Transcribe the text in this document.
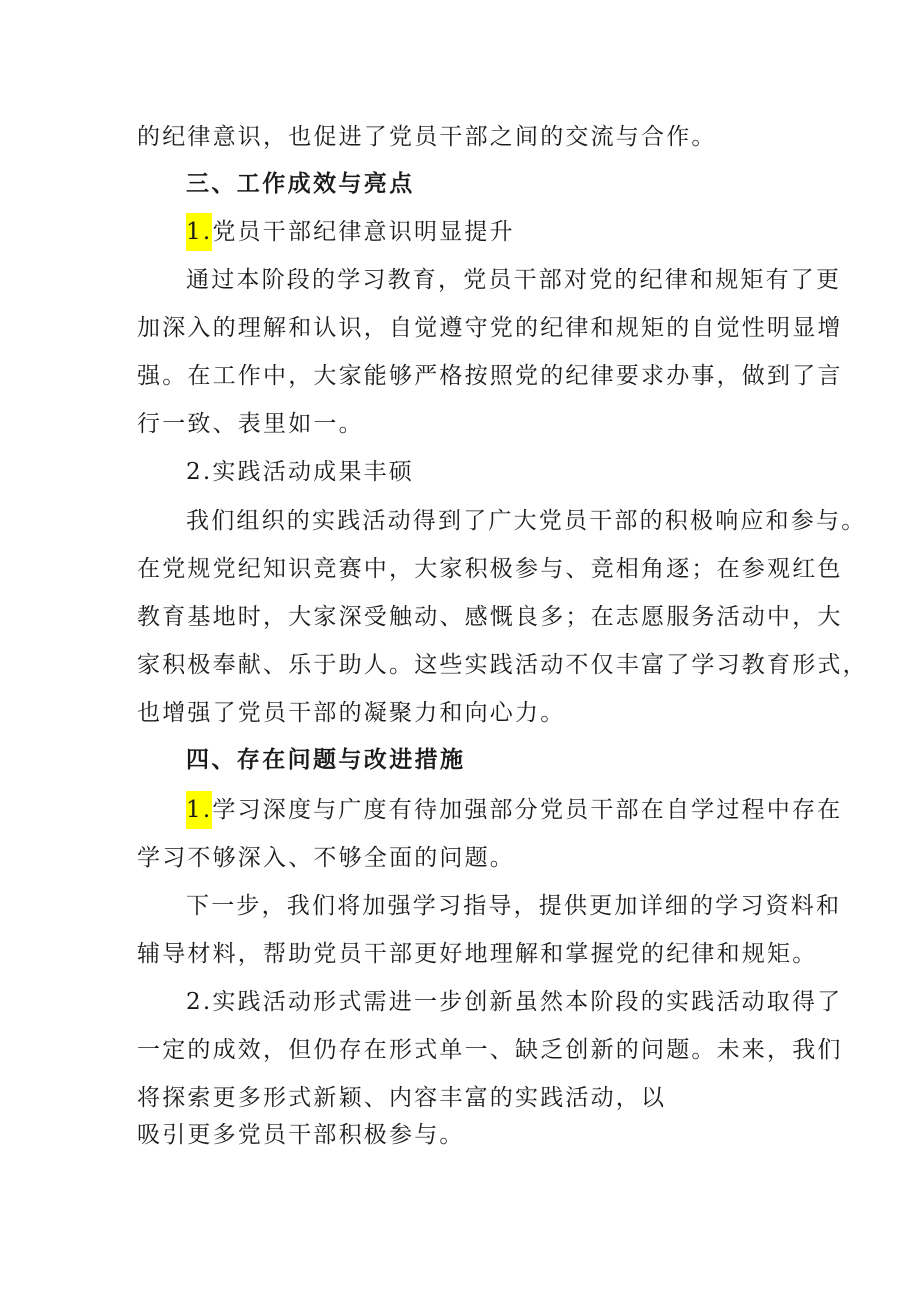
的纪律意识，也促进了党员干部之间的交流与合作。
三、工作成效与亮点
1.党员干部纪律意识明显提升
通过本阶段的学习教育，党员干部对党的纪律和规矩有了更
加深入的理解和认识，自觉遵守党的纪律和规矩的自觉性明显增
强。在工作中，大家能够严格按照党的纪律要求办事，做到了言
行一致、表里如一。
2.实践活动成果丰硕
我们组织的实践活动得到了广大党员干部的积极响应和参与。
在党规党纪知识竞赛中，大家积极参与、竞相角逐；在参观红色
教育基地时，大家深受触动、感慨良多；在志愿服务活动中，大
家积极奉献、乐于助人。这些实践活动不仅丰富了学习教育形式，
也增强了党员干部的凝聚力和向心力。
四、存在问题与改进措施
1.学习深度与广度有待加强部分党员干部在自学过程中存在
学习不够深入、不够全面的问题。
下一步，我们将加强学习指导，提供更加详细的学习资料和
辅导材料，帮助党员干部更好地理解和掌握党的纪律和规矩。
2.实践活动形式需进一步创新虽然本阶段的实践活动取得了
一定的成效，但仍存在形式单一、缺乏创新的问题。未来，我们
将探索更多形式新颖、内容丰富的实践活动，以
吸引更多党员干部积极参与。
